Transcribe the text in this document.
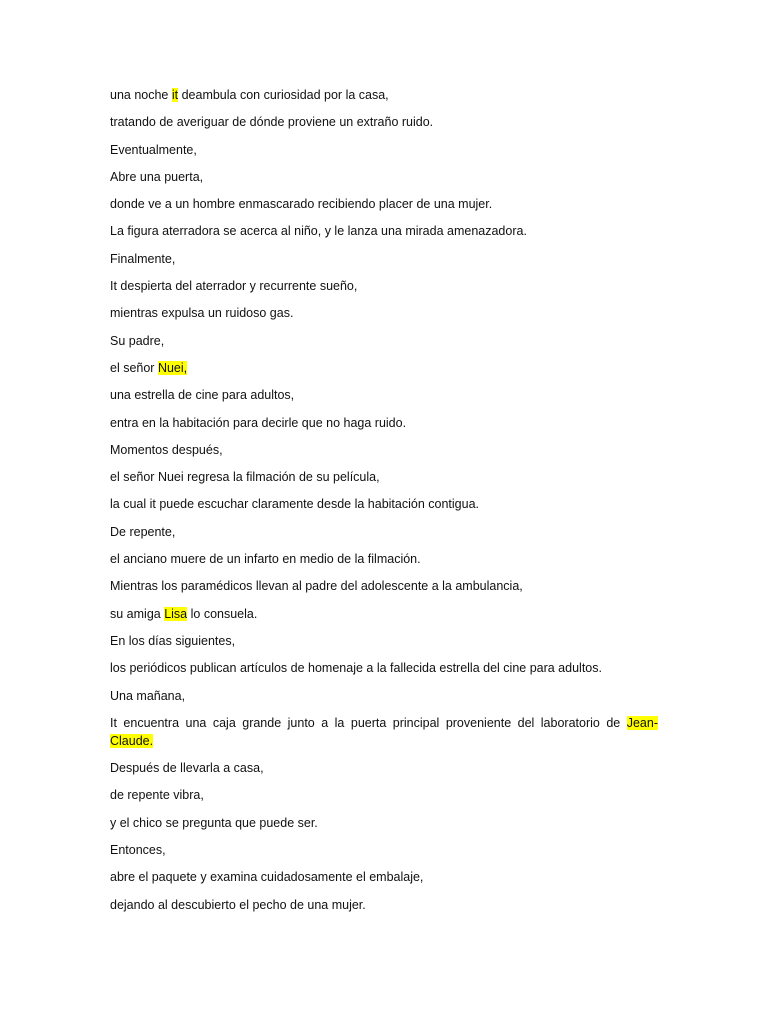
una noche it deambula con curiosidad por la casa,

tratando de averiguar de dónde proviene un extraño ruido.

Eventualmente,

Abre una puerta,

donde ve a un hombre enmascarado recibiendo placer de una mujer.

La figura aterradora se acerca al niño, y le lanza una mirada amenazadora.

Finalmente,

It despierta del aterrador y recurrente sueño,

mientras expulsa un ruidoso gas.

Su padre,

el señor Nuei,

una estrella de cine para adultos,

entra en la habitación para decirle que no haga ruido.

Momentos después,

el señor Nuei regresa la filmación de su película,

la cual it puede escuchar claramente desde la habitación contigua.

De repente,

el anciano muere de un infarto en medio de la filmación.

Mientras los paramédicos llevan al padre del adolescente a la ambulancia,

su amiga Lisa lo consuela.

En los días siguientes,

los periódicos publican artículos de homenaje a la fallecida estrella del cine para adultos.

Una mañana,

It encuentra una caja grande junto a la puerta principal proveniente del laboratorio de Jean-Claude.

Después de llevarla a casa,

de repente vibra,

y el chico se pregunta que puede ser.

Entonces,

abre el paquete y examina cuidadosamente el embalaje,

dejando al descubierto el pecho de una mujer.
